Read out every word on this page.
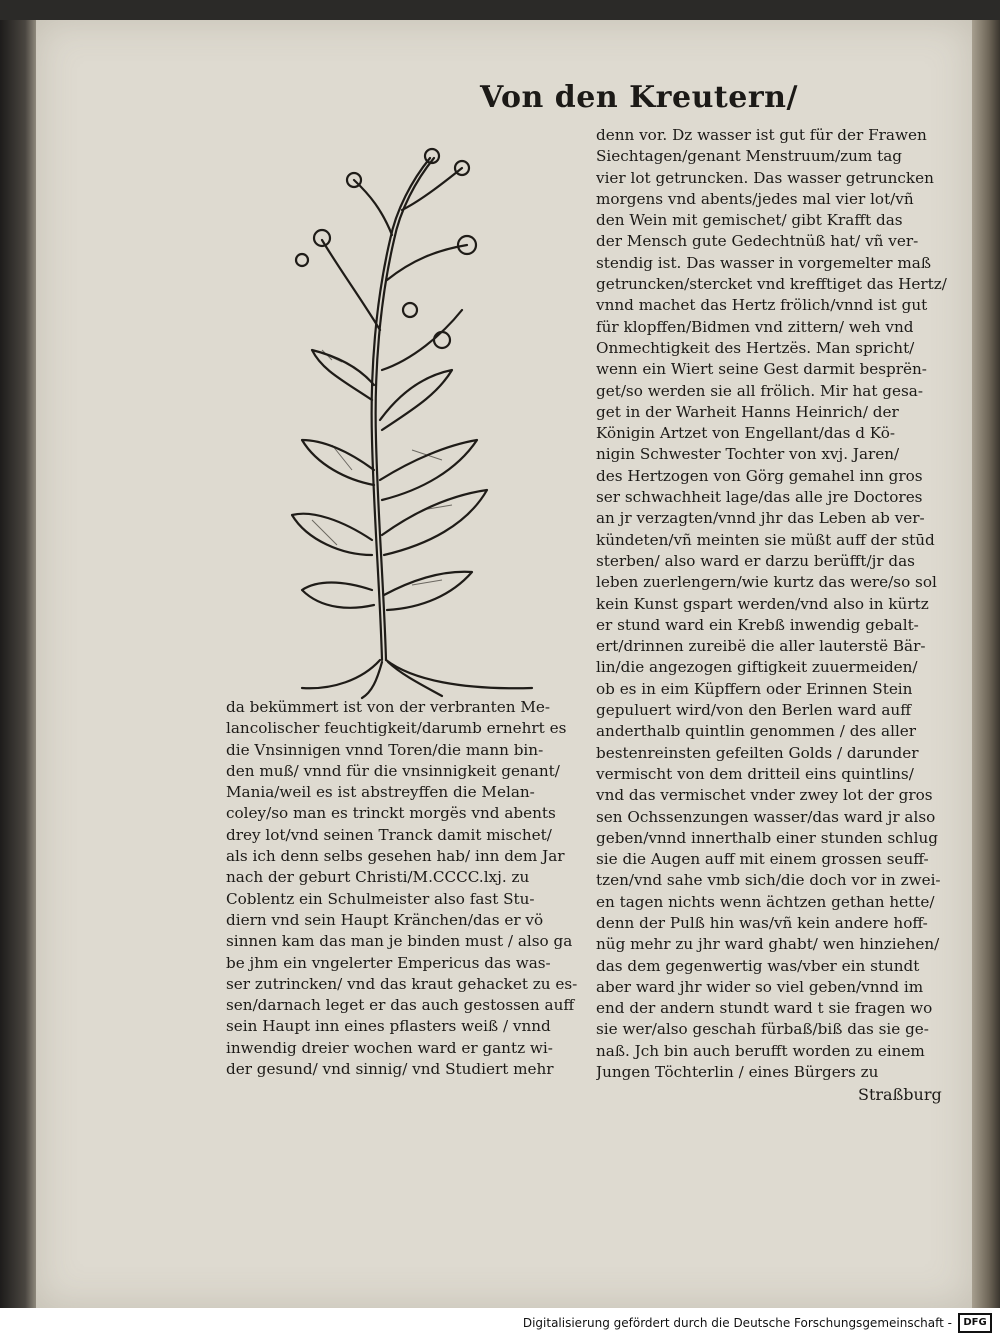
Von den Kreutern/
denn vor. Dz wasser ist gut für der Frawen
Siechtagen/genant Menstruum/zum tag
vier lot getruncken. Das wasser getruncken
morgens vnd abents/jedes mal vier lot/vñ
den Wein mit gemischet/ gibt Krafft das
der Mensch gute Gedechtnüß hat/ vñ ver-
stendig ist. Das wasser in vorgemelter maß
getruncken/stercket vnd krefftiget das Hertz/
vnnd machet das Hertz frölich/vnnd ist gut
für klopffen/Bidmen vnd zittern/ weh vnd
Onmechtigkeit des Hertzës. Man spricht/
wenn ein Wiert seine Gest darmit besprën-
get/so werden sie all frölich. Mir hat gesa-
get in der Warheit Hanns Heinrich/ der
Königin Artzet von Engellant/das d Kö-
nigin Schwester Tochter von xvj. Jaren/
des Hertzogen von Görg gemahel inn gros
ser schwachheit lage/das alle jre Doctores
an jr verzagten/vnnd jhr das Leben ab ver-
kündeten/vñ meinten sie müßt auff der stūd
sterben/ also ward er darzu berüfft/jr das
leben zuerlengern/wie kurtz das were/so sol
kein Kunst gspart werden/vnd also in kürtz
er stund ward ein Krebß inwendig gebalt-
ert/drinnen zureibë die aller lauterstë Bär-
lin/die angezogen giftigkeit zuuermeiden/
ob es in eim Küpffern oder Erinnen Stein
gepuluert wird/von den Berlen ward auff
anderthalb quintlin genommen / des aller
bestenreinsten gefeilten Golds / darunder
vermischt von dem dritteil eins quintlins/
vnd das vermischet vnder zwey lot der gros
sen Ochssenzungen wasser/das ward jr also
geben/vnnd innerthalb einer stunden schlug
sie die Augen auff mit einem grossen seuff-
tzen/vnd sahe vmb sich/die doch vor in zwei-
en tagen nichts wenn ächtzen gethan hette/
denn der Pulß hin was/vñ kein andere hoff-
nüg mehr zu jhr ward ghabt/ wen hinziehen/
das dem gegenwertig was/vber ein stundt
aber ward jhr wider so viel geben/vnnd im
end der andern stundt ward t sie fragen wo
sie wer/also geschah fürbaß/biß das sie ge-
naß. Jch bin auch berufft worden zu einem
Jungen Töchterlin / eines Bürgers zu
Straßburg
da bekümmert ist von der verbranten Me-
lancolischer feuchtigkeit/darumb ernehrt es
die Vnsinnigen vnnd Toren/die mann bin-
den muß/ vnnd für die vnsinnigkeit genant/
Mania/weil es ist abstreyffen die Melan-
coley/so man es trinckt morgës vnd abents
drey lot/vnd seinen Tranck damit mischet/
als ich denn selbs gesehen hab/ inn dem Jar
nach der geburt Christi/M.CCCC.lxj. zu
Coblentz ein Schulmeister also fast Stu-
diern vnd sein Haupt Kränchen/das er vö
sinnen kam das man je binden must / also ga
be jhm ein vngelerter Empericus das was-
ser zutrincken/ vnd das kraut gehacket zu es-
sen/darnach leget er das auch gestossen auff
sein Haupt inn eines pflasters weiß / vnnd
inwendig dreier wochen ward er gantz wi-
der gesund/ vnd sinnig/ vnd Studiert mehr
Digitalisierung gefördert durch die Deutsche Forschungsgemeinschaft -	DFG
